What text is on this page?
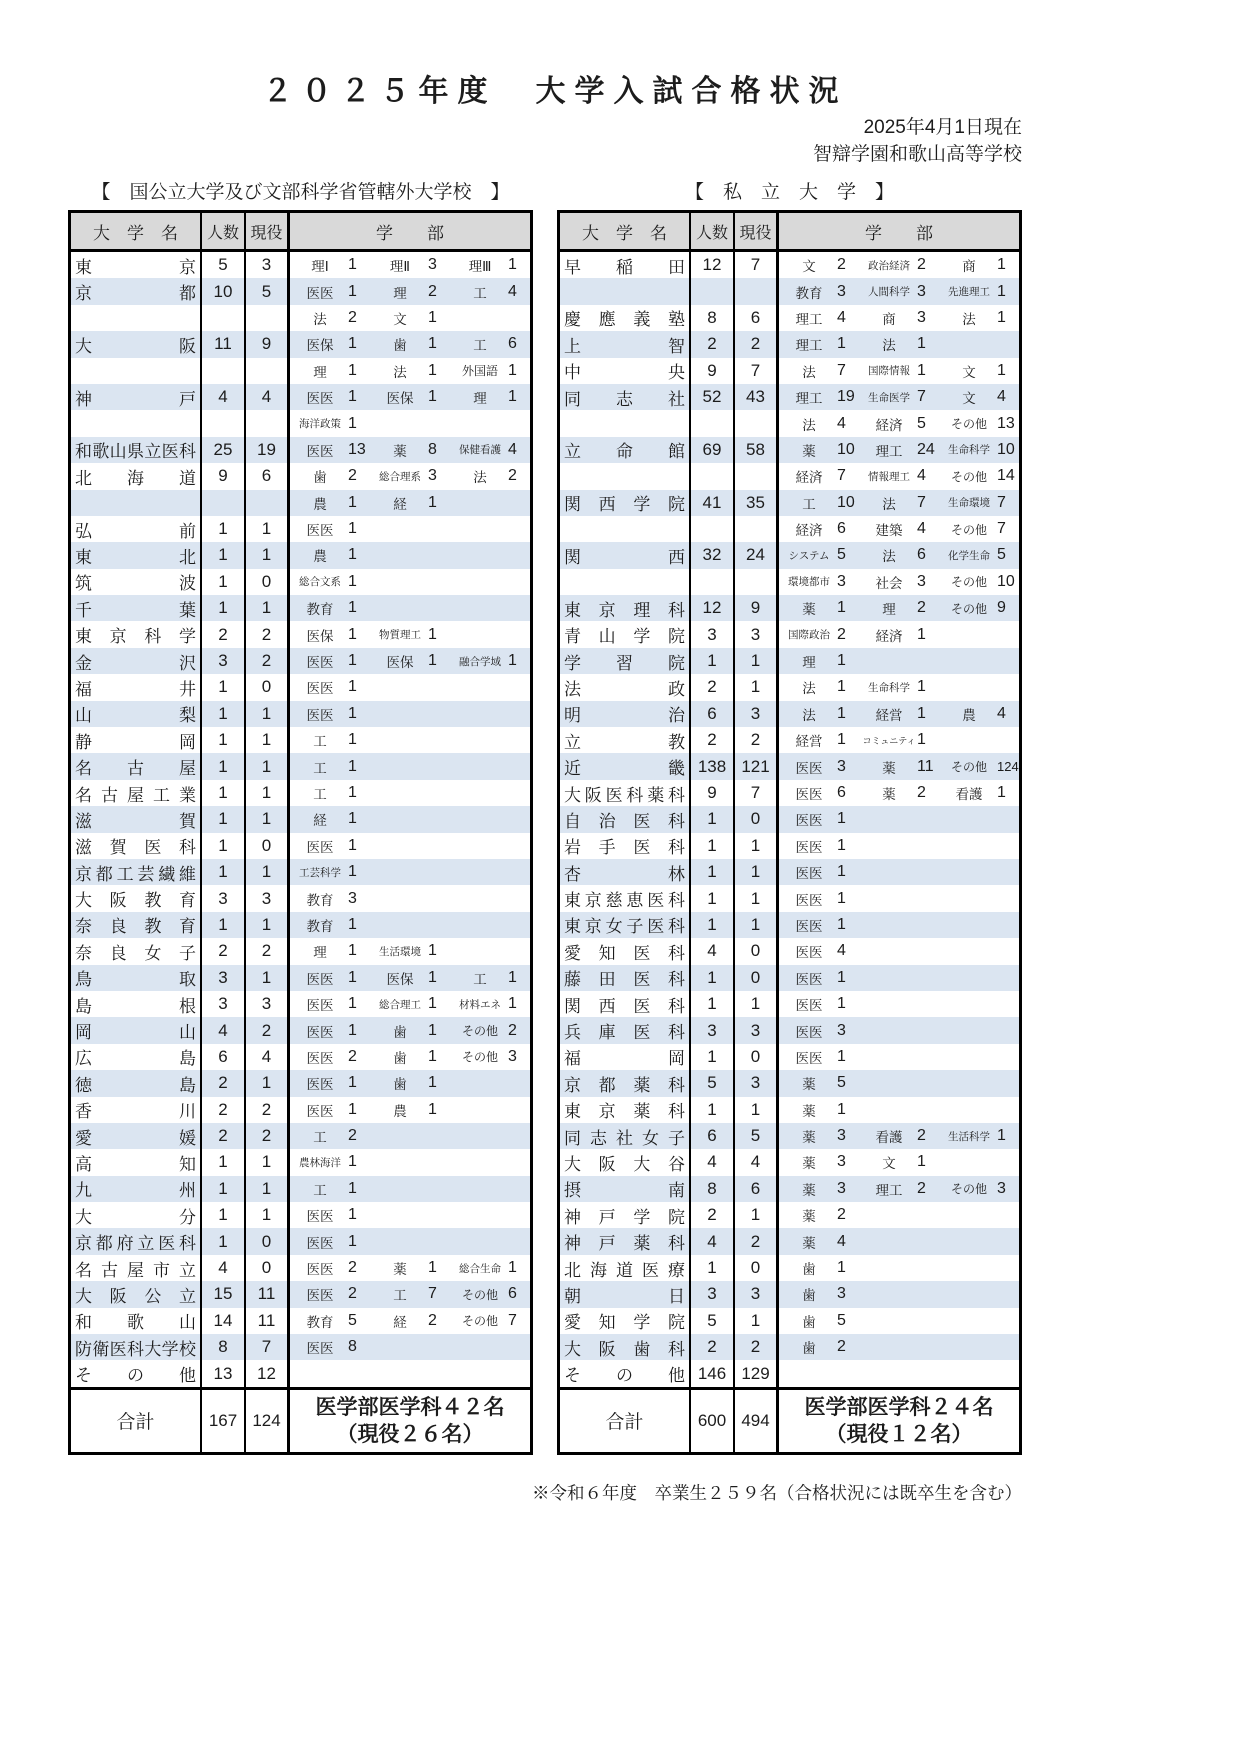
２０２５年度　大学入試合格状況
2025年4月1日現在
智辯学園和歌山高等学校
【　国公立大学及び文部科学省管轄外大学校　】	【　私　立　大　学　】
大　学　名	人数 現役	学　　部
東	京	5	3	理Ⅰ	1	理Ⅱ	3	理Ⅲ	1
京	都	10	5	医医 1	理	2	工	4
法	2	文	1
大	阪	11	9	医保 1	歯	1	工	6
理	1	法	1	外国語 1
神	戸	4	4	医医 1	医保 1	理	1
海洋政策 1
和 歌 山 県 立 医 科	25	19	医医 13	薬	8	保健看護 4
北 海 道	9	6	歯	2	総合理系 3	法	2
農	1	経	1
弘	前	1	1	医医 1
東	北	1	1	農	1
筑	波	1	0	総合文系 1
千	葉	1	1	教育 1
東 京 科 学	2	2	医保 1	物質理工 1
金	沢	3	2	医医 1	医保 1	融合学域 1
福	井	1	0	医医 1
山	梨	1	1	医医 1
静	岡	1	1	工	1
名 古 屋	1	1	工	1
名 古 屋 工 業	1	1	工	1
滋	賀	1	1	経	1
滋 賀 医 科	1	0	医医 1
京 都 工 芸 繊 維	1	1	工芸科学 1
大 阪 教 育	3	3	教育 3
奈 良 教 育	1	1	教育 1
奈 良 女 子	2	2	理	1	生活環境 1
鳥	取	3	1	医医 1	医保 1	工	1
島	根	3	3	医医 1	総合理工 1	材料エネ 1
岡	山	4	2	医医 1	歯	1	その他 2
広	島	6	4	医医 2	歯	1	その他 3
徳	島	2	1	医医 1	歯	1
香	川	2	2	医医 1	農	1
愛	媛	2	2	工	2
高	知	1	1	農林海洋 1
九	州	1	1	工	1
大	分	1	1	医医 1
京 都 府 立 医 科	1	0	医医 1
名 古 屋 市 立	4	0	医医 2	薬	1	総合生命 1
大 阪 公 立	15	11	医医 2	工	7	その他 6
和 歌 山	14	11	教育 5	経	2	その他 7
防 衛 医 科 大 学 校	8	7	医医 8
そ の 他	13	12
合計	167 124
医学部医学科４２名
（現役２６名）
大　学　名	人数 現役	学　　部
早 稲 田	12	7	文	2	政治経済 2	商	1
教育 3	人間科学 3	先進理工 1
慶 應 義 塾	8	6	理工 4	商	3	法	1
上	智	2	2	理工 1	法	1
中	央	9	7	法	7	国際情報 1	文	1
同 志 社	52	43	理工 19	生命医学 7	文	4
法	4	経済 5	その他 13
立 命 館	69	58	薬	10	理工 24	生命科学 10
経済 7	情報理工 4	その他 14
関 西 学 院	41	35	工	10	法	7	生命環境 7
経済 6	建築 4	その他 7
関	西	32	24	システム 5	法	6	化学生命 5
環境都市 3	社会 3	その他 10
東 京 理 科	12	9	薬	1	理	2	その他 9
青 山 学 院	3	3	国際政治 2	経済 1
学 習 院	1	1	理	1
法	政	2	1	法	1	生命科学 1
明	治	6	3	法	1	経営 1	農	4
立	教	2	2	経営 1	コミュニティ 1
近	畿 138 121	医医 3	薬	11	その他 124
大 阪 医 科 薬 科	9	7	医医 6	薬	2	看護 1
自 治 医 科	1	0	医医 1
岩 手 医 科	1	1	医医 1
杏	林	1	1	医医 1
東 京 慈 恵 医 科	1	1	医医 1
東 京 女 子 医 科	1	1	医医 1
愛 知 医 科	4	0	医医 4
藤 田 医 科	1	0	医医 1
関 西 医 科	1	1	医医 1
兵 庫 医 科	3	3	医医 3
福	岡	1	0	医医 1
京 都 薬 科	5	3	薬	5
東 京 薬 科	1	1	薬	1
同 志 社 女 子	6	5	薬	3	看護 2	生活科学 1
大 阪 大 谷	4	4	薬	3	文	1
摂	南	8	6	薬	3	理工 2	その他 3
神 戸 学 院	2	1	薬	2
神 戸 薬 科	4	2	薬	4
北 海 道 医 療	1	0	歯	1
朝	日	3	3	歯	3
愛 知 学 院	5	1	歯	5
大 阪 歯 科	2	2	歯	2
そ の 他 146 129
合計	600 494
医学部医学科２４名
（現役１２名）
※令和６年度　卒業生２５９名（合格状況には既卒生を含む）
